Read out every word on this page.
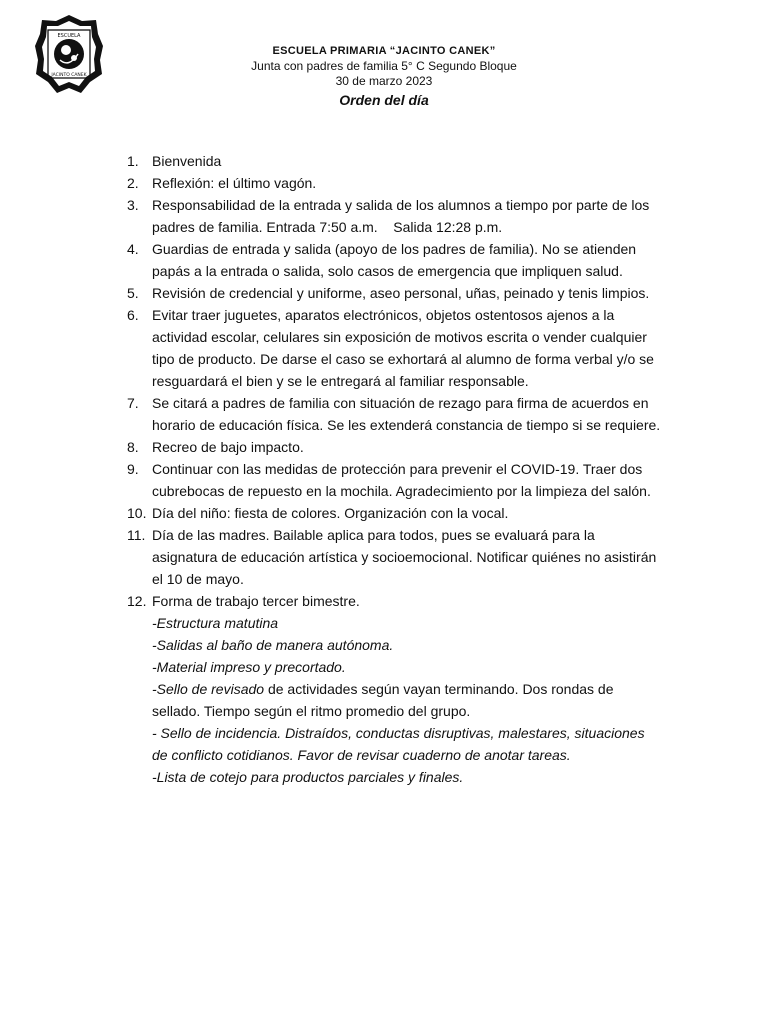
ESCUELA
JACINTO CANEK
ESCUELA PRIMARIA “JACINTO CANEK”
Junta con padres de familia 5° C Segundo Bloque
30 de marzo 2023
Orden del día
1. Bienvenida
2. Reflexión: el último vagón.
3. Responsabilidad de la entrada y salida de los alumnos a tiempo por parte de los padres de familia. Entrada 7:50 a.m.    Salida 12:28 p.m.
4. Guardias de entrada y salida (apoyo de los padres de familia). No se atienden papás a la entrada o salida, solo casos de emergencia que impliquen salud.
5. Revisión de credencial y uniforme, aseo personal, uñas, peinado y tenis limpios.
6. Evitar traer juguetes, aparatos electrónicos, objetos ostentosos ajenos a la actividad escolar, celulares sin exposición de motivos escrita o vender cualquier tipo de producto. De darse el caso se exhortará al alumno de forma verbal y/o se resguardará el bien y se le entregará al familiar responsable.
7. Se citará a padres de familia con situación de rezago para firma de acuerdos en horario de educación física. Se les extenderá constancia de tiempo si se requiere.
8. Recreo de bajo impacto.
9. Continuar con las medidas de protección para prevenir el COVID-19. Traer dos cubrebocas de repuesto en la mochila. Agradecimiento por la limpieza del salón.
10. Día del niño: fiesta de colores. Organización con la vocal.
11. Día de las madres. Bailable aplica para todos, pues se evaluará para la asignatura de educación artística y socioemocional. Notificar quiénes no asistirán el 10 de mayo.
12. Forma de trabajo tercer bimestre.
-Estructura matutina
-Salidas al baño de manera autónoma.
-Material impreso y precortado.
-Sello de revisado de actividades según vayan terminando. Dos rondas de sellado. Tiempo según el ritmo promedio del grupo.
- Sello de incidencia. Distraídos, conductas disruptivas, malestares, situaciones de conflicto cotidianos. Favor de revisar cuaderno de anotar tareas.
-Lista de cotejo para productos parciales y finales.
